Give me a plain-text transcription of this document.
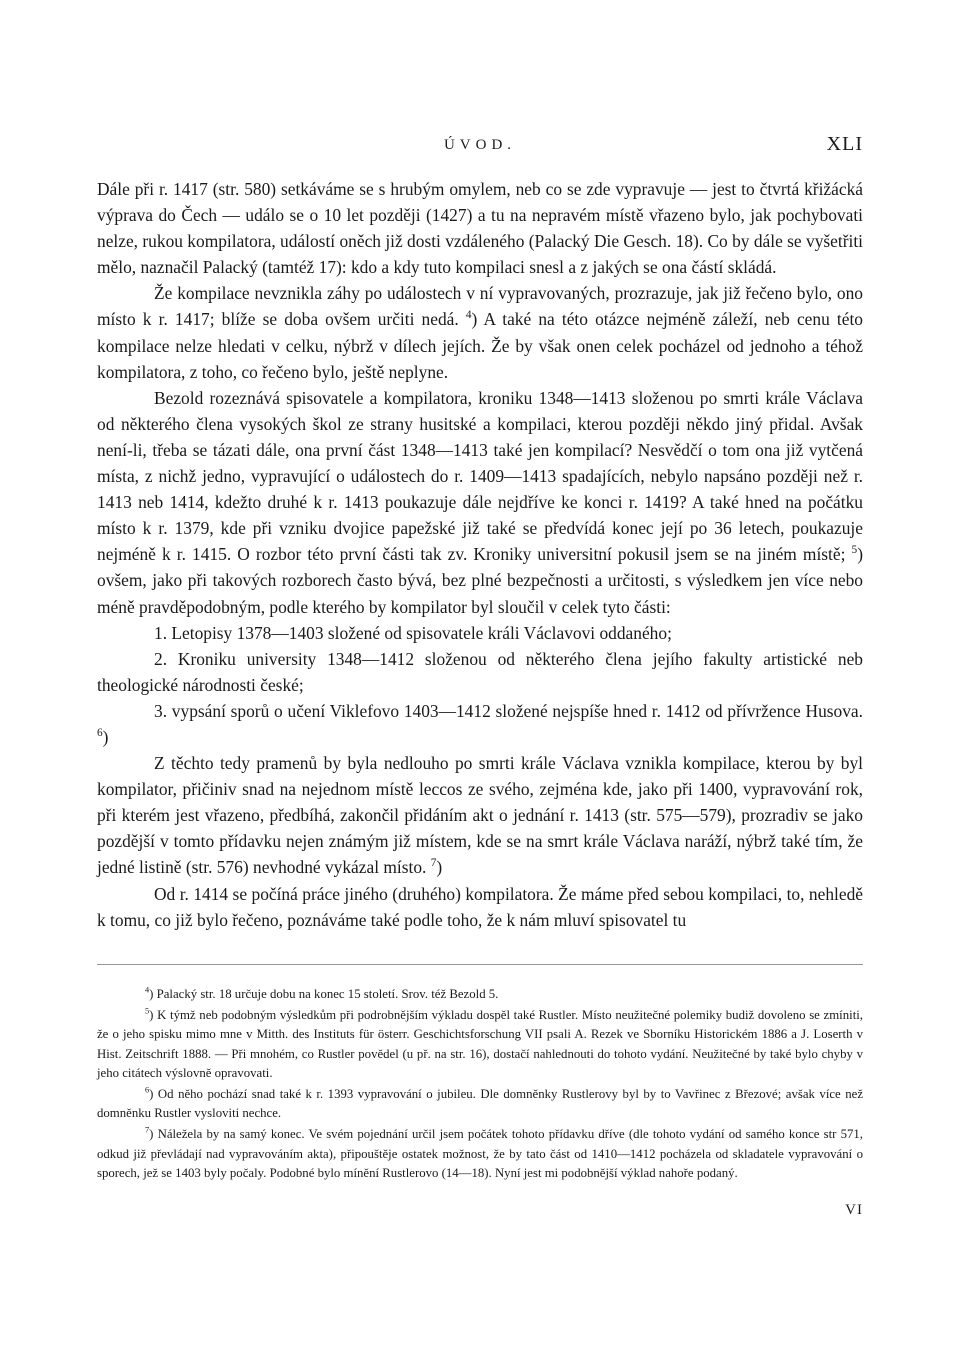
ÚVOD.	XLI

Dále při r. 1417 (str. 580) setkáváme se s hrubým omylem, neb co se zde vypravuje — jest to čtvrtá křižácká výprava do Čech — událo se o 10 let později (1427) a tu na nepravém místě vřazeno bylo, jak pochybovati nelze, rukou kompilatora, událostí oněch již dosti vzdáleného (Palacký Die Gesch. 18). Co by dále se vyšetřiti mělo, naznačil Palacký (tamtéž 17): kdo a kdy tuto kompilaci snesl a z jakých se ona částí skládá.

Že kompilace nevznikla záhy po událostech v ní vypravovaných, prozrazuje, jak již řečeno bylo, ono místo k r. 1417; blíže se doba ovšem určiti nedá. $^4$) A také na této otázce nejméně záleží, neb cenu této kompilace nelze hledati v celku, nýbrž v dílech jejích. Že by však onen celek pocházel od jednoho a téhož kompilatora, z toho, co řečeno bylo, ještě neplyne.

Bezold rozeznává spisovatele a kompilatora, kroniku 1348—1413 složenou po smrti krále Václava od některého člena vysokých škol ze strany husitské a kompilaci, kterou později někdo jiný přidal. Avšak není-li, třeba se tázati dále, ona první část 1348—1413 také jen kompilací? Nesvědčí o tom ona již vytčená místa, z nichž jedno, vypravující o událostech do r. 1409—1413 spadajících, nebylo napsáno později než r. 1413 neb 1414, kdežto druhé k r. 1413 poukazuje dále nejdříve ke konci r. 1419? A také hned na počátku místo k r. 1379, kde při vzniku dvojice papežské již také se předvídá konec její po 36 letech, poukazuje nejméně k r. 1415. O rozbor této první části tak zv. Kroniky universitní pokusil jsem se na jiném místě; $^5$) ovšem, jako při takových rozborech často bývá, bez plné bezpečnosti a určitosti, s výsledkem jen více nebo méně pravděpodobným, podle kterého by kompilator byl sloučil v celek tyto části:

1. Letopisy 1378—1403 složené od spisovatele králi Václavovi oddaného;

2. Kroniku university 1348—1412 složenou od některého člena jejího fakulty artistické neb theologické národnosti české;

3. vypsání sporů o učení Viklefovo 1403—1412 složené nejspíše hned r. 1412 od přívržence Husova. $^6$)

Z těchto tedy pramenů by byla nedlouho po smrti krále Václava vznikla kompilace, kterou by byl kompilator, přičiniv snad na nejednom místě leccos ze svého, zejména kde, jako při 1400, vypravování rok, při kterém jest vřazeno, předbíhá, zakončil přidáním akt o jednání r. 1413 (str. 575—579), prozradiv se jako pozdější v tomto přídavku nejen známým již místem, kde se na smrt krále Václava naráží, nýbrž také tím, že jedné listině (str. 576) nevhodné vykázal místo. $^7$)

Od r. 1414 se počíná práce jiného (druhého) kompilatora. Že máme před sebou kompilaci, to, nehledě k tomu, co již bylo řečeno, poznáváme také podle toho, že k nám mluví spisovatel tu

$^4$) Palacký str. 18 určuje dobu na konec 15 století. Srov. též Bezold 5.

$^5$) K týmž neb podobným výsledkům při podrobnějším výkladu dospěl také Rustler. Místo neužitečné polemiky budiž dovoleno se zmíniti, že o jeho spisku mimo mne v Mitth. des Instituts für österr. Geschichtsforschung VII psali A. Rezek ve Sborníku Historickém 1886 a J. Loserth v Hist. Zeitschrift 1888. — Při mnohém, co Rustler povědel (u př. na str. 16), dostačí nahlednouti do tohoto vydání. Neužitečné by také bylo chyby v jeho citátech výslovně opravovati.

$^6$) Od něho pochází snad také k r. 1393 vypravování o jubileu. Dle domněnky Rustlerovy byl by to Vavřinec z Březové; avšak více než domněnku Rustler vysloviti nechce.

$^7$) Náležela by na samý konec. Ve svém pojednání určil jsem počátek tohoto přídavku dříve (dle tohoto vydání od samého konce str 571, odkud již převládají nad vypravováním akta), připouštěje ostatek možnost, že by tato část od 1410—1412 pocházela od skladatele vypravování o sporech, jež se 1403 byly počaly. Podobné bylo mínění Rustlerovo (14—18). Nyní jest mi podobnější výklad nahoře podaný.

VI
